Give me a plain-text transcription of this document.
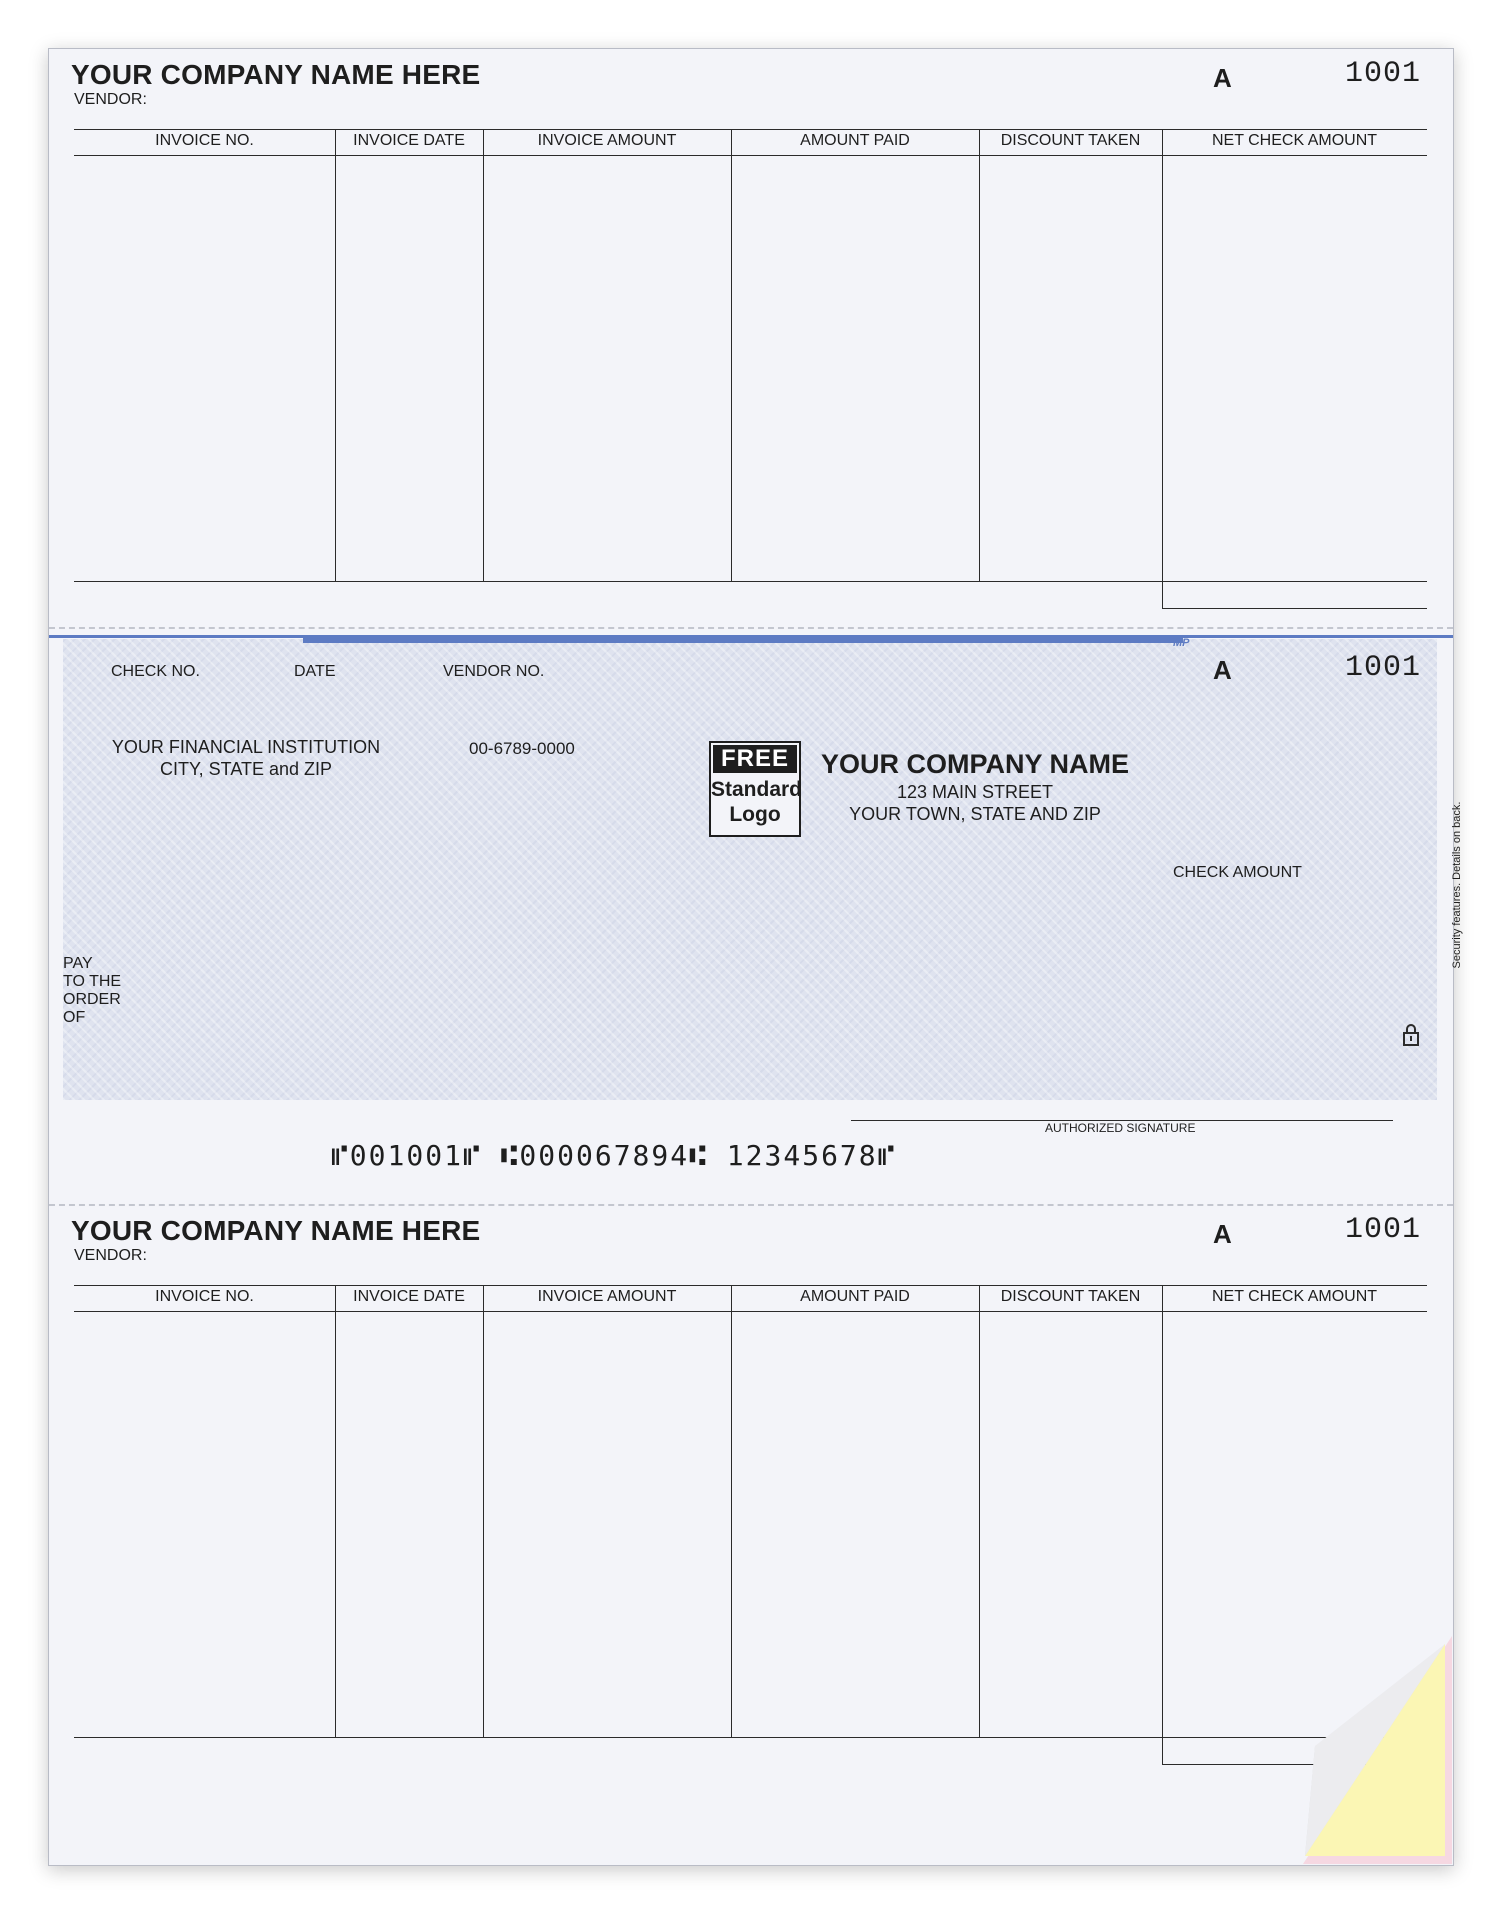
YOUR COMPANY NAME HERE
VENDOR:
A	1001
INVOICE NO.	INVOICE DATE	INVOICE AMOUNT	AMOUNT PAID	DISCOUNT TAKEN	NET CHECK AMOUNT
MP
CHECK NO.	DATE	VENDOR NO.	A	1001
YOUR FINANCIAL INSTITUTION
CITY, STATE and ZIP
00-6789-0000	FREE
Standard
Logo
YOUR COMPANY NAME
123 MAIN STREET
YOUR TOWN, STATE AND ZIP
CHECK AMOUNT
PAY
TO THE
ORDER
OF
AUTHORIZED SIGNATURE
Security features. Details on back.
⑈001001⑈ ⑆000067894⑆ 12345678⑈
YOUR COMPANY NAME HERE
VENDOR:
A	1001
INVOICE NO.	INVOICE DATE	INVOICE AMOUNT	AMOUNT PAID	DISCOUNT TAKEN	NET CHECK AMOUNT
